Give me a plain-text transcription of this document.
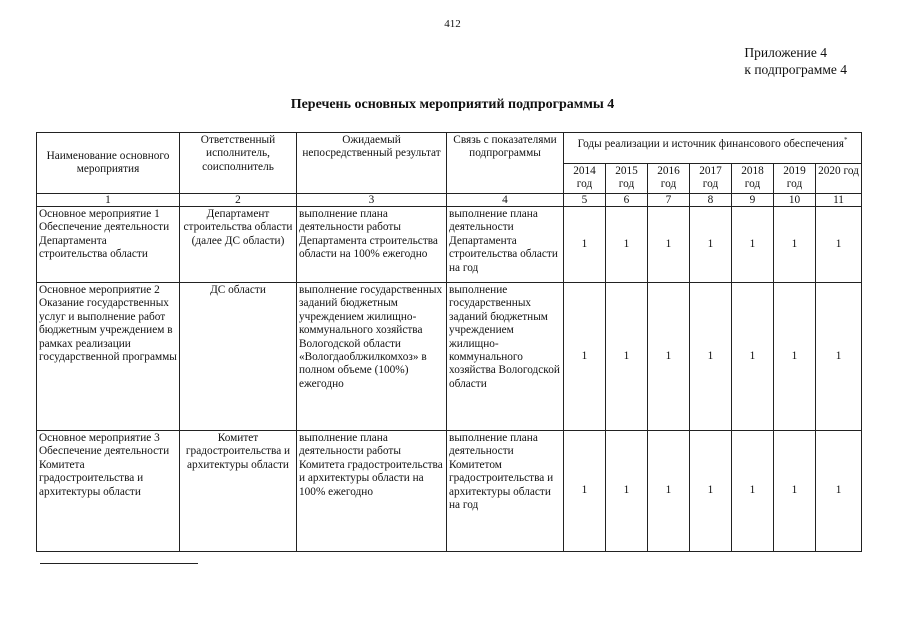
412
Приложение 4
к подпрограмме 4
Перечень основных мероприятий подпрограммы 4
Наименование основного мероприятия	Ответственный исполнитель, соисполнитель	Ожидаемый непосредственный результат	Связь с показателями подпрограммы	Годы реализации и источник финансового обеспечения*
				2014 год	2015 год	2016 год	2017 год	2018 год	2019 год	2020 год
1	2	3	4	5	6	7	8	9	10	11
Основное мероприятие 1 Обеспечение деятельности Департамента строительства области	Департамент строительства области (далее ДС области)	выполнение плана деятельности работы Департамента строительства области на 100% ежегодно	выполнение плана деятельности Департамента строительства области на год	1	1	1	1	1	1	1
Основное мероприятие 2 Оказание государственных услуг и выполнение работ бюджетным учреждением в рамках реализации государственной программы	ДС области	выполнение государственных заданий бюджетным учреждением жилищно-коммунального хозяйства Вологодской области «Вологдаоблжилкомхоз» в полном объеме (100%) ежегодно	выполнение государственных заданий бюджетным учреждением жилищно-коммунального хозяйства Вологодской области	1	1	1	1	1	1	1
Основное мероприятие 3 Обеспечение деятельности Комитета градостроительства и архитектуры области	Комитет градостроительства и архитектуры области	выполнение плана деятельности работы Комитета градостроительства и архитектуры области на 100% ежегодно	выполнение плана деятельности Комитетом градостроительства и архитектуры области на год	1	1	1	1	1	1	1
